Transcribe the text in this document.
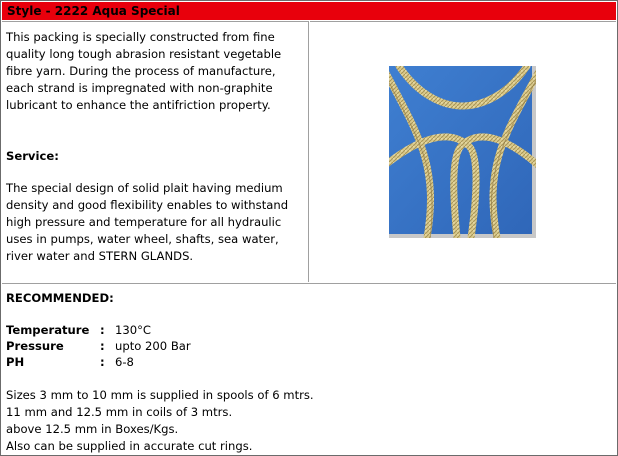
Style - 2222 Aqua Special

This packing is specially constructed from fine quality long tough abrasion resistant vegetable fibre yarn. During the process of manufacture, each strand is impregnated with non-graphite lubricant to enhance the antifriction property.

Service:

The special design of solid plait having medium density and good flexibility enables to withstand high pressure and temperature for all hydraulic uses in pumps, water wheel, shafts, sea water, river water and STERN GLANDS.

RECOMMENDED:

Temperature : 130°C
Pressure	: upto 200 Bar
PH	: 6-8

Sizes 3 mm to 10 mm is supplied in spools of 6 mtrs.

11 mm and 12.5 mm in coils of 3 mtrs.

above 12.5 mm in Boxes/Kgs.

Also can be supplied in accurate cut rings.
